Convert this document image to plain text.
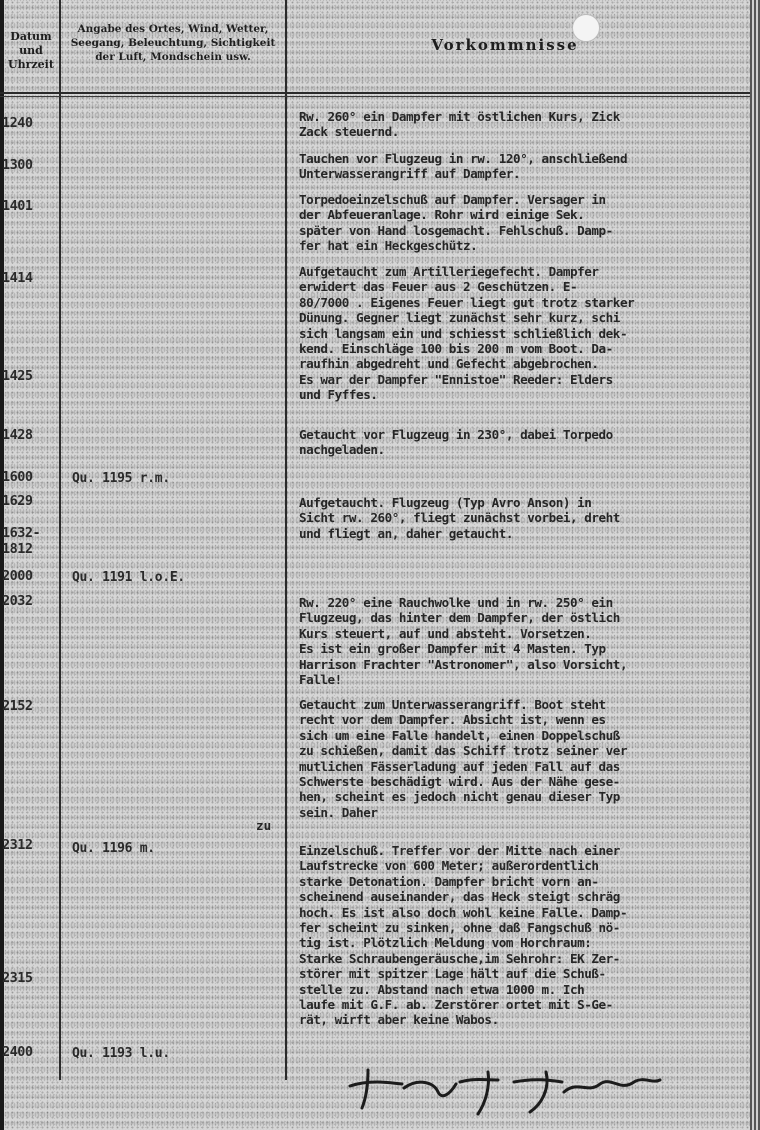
Datum
und
Uhrzeit
Angabe des Ortes, Wind, Wetter,
Seegang, Beleuchtung, Sichtigkeit
der Luft, Mondschein usw.
Vorkommnisse
1240
1300
1401
1414
1425
1428
1600
1629
1632-
1812
2000
2032
2152
2312
2315
2400
Qu. 1195 r.m.
Qu. 1191 l.o.E.
Qu. 1196 m.
Qu. 1193 l.u.
Rw. 260° ein Dampfer mit östlichen Kurs, Zick
Zack steuernd.
Tauchen vor Flugzeug in rw. 120°, anschließend
Unterwasserangriff auf Dampfer.
Torpedoeinzelschuß auf Dampfer. Versager in
der Abfeueranlage. Rohr wird einige Sek.
später von Hand losgemacht. Fehlschuß. Damp-
fer hat ein Heckgeschütz.
Aufgetaucht zum Artilleriegefecht. Dampfer
erwidert das Feuer aus 2 Geschützen. E-
80/7000 . Eigenes Feuer liegt gut trotz starker
Dünung. Gegner liegt zunächst sehr kurz, schi
sich langsam ein und schiesst schließlich dek-
kend. Einschläge 100 bis 200 m vom Boot. Da-
raufhin abgedreht und Gefecht abgebrochen.
Es war der Dampfer "Ennistoe" Reeder: Elders
und Fyffes.
Getaucht vor Flugzeug in 230°, dabei Torpedo
nachgeladen.
Aufgetaucht. Flugzeug (Typ Avro Anson) in
Sicht rw. 260°, fliegt zunächst vorbei, dreht
und fliegt an, daher getaucht.
Rw. 220° eine Rauchwolke und in rw. 250° ein
Flugzeug, das hinter dem Dampfer, der östlich
Kurs steuert, auf und absteht. Vorsetzen.
Es ist ein großer Dampfer mit 4 Masten. Typ
Harrison Frachter "Astronomer", also Vorsicht,
Falle!
Getaucht zum Unterwasserangriff. Boot steht
recht vor dem Dampfer. Absicht ist, wenn es
sich um eine Falle handelt, einen Doppelschuß
zu schießen, damit das Schiff trotz seiner ver
mutlichen Fässerladung auf jeden Fall auf das
Schwerste beschädigt wird. Aus der Nähe gese-
hen, scheint es jedoch nicht genau dieser Typ
sein. Daher
zu
Einzelschuß. Treffer vor der Mitte nach einer
Laufstrecke von 600 Meter; außerordentlich
starke Detonation. Dampfer bricht vorn an-
scheinend auseinander, das Heck steigt schräg
hoch. Es ist also doch wohl keine Falle. Damp-
fer scheint zu sinken, ohne daß Fangschuß nö-
tig ist. Plötzlich Meldung vom Horchraum:
Starke Schraubengeräusche,im Sehrohr: EK Zer-
störer mit spitzer Lage hält auf die Schuß-
stelle zu. Abstand nach etwa 1000 m. Ich
laufe mit G.F. ab. Zerstörer ortet mit S-Ge-
rät, wirft aber keine Wabos.
